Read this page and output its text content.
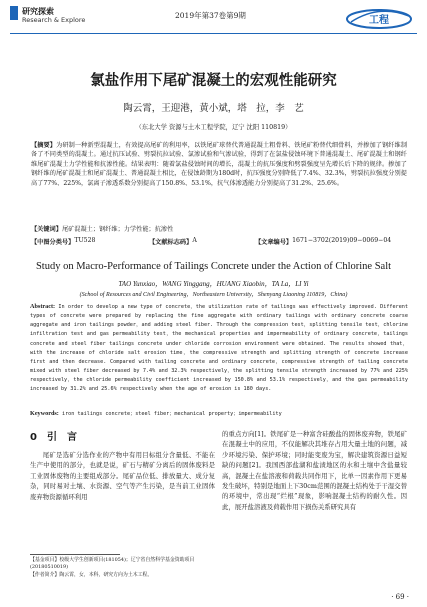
研究探索
Research & Explore	2019年第37卷第9期	工程
氯盐作用下尾矿混凝土的宏观性能研究
陶云霄，王迎港，黄小斌，塔　拉，李　艺
（东北大学 资源与土木工程学院，辽宁 沈阳 110819）
【摘要】为研制一种新型混凝土，有效提高尾矿的利用率，以铁尾矿球替代普通混凝土粗骨料、铁尾矿粉替代细骨料，并掺加了钢纤维制备了不同类型的混凝土。通过抗压试验、劈裂抗拉试验、氯渗试验和气渗试验，得到了在氯盐侵蚀环境下普通混凝土、尾矿混凝土和钢纤维尾矿混凝土力学性能和抗渗性能。结果表明：随着氯盐侵蚀时间的增长，混凝土的抗压强度和劈裂强度呈先增长后下降的规律。掺加了钢纤维的尾矿混凝土和尾矿混凝土、普通混凝土相比，在侵蚀龄期为180d时，抗压强度分别降低了7.4%、32.3%，劈裂抗拉强度分别提高了77%、225%，氯离子渗透系数分别提高了150.8%、53.1%，抗气体渗透能力分别提高了31.2%、25.6%。
【关键词】尾矿混凝土；钢纤维；力学性能；抗渗性
【中图分类号】 TU528	【文献标志码】 A	【文章编号】 1671−3702(2019)09−0069−04
Study on Macro-Performance of Tailings Concrete under the Action of Chlorine Salt
TAO Yunxiao，WANG Yinggang，HUANG Xiaobin，TA La，LI Yi
(School of Resources and Civil Engineering，Northeastern University，Shenyang Liaoning 110819，China)
Abstract: In order to develop a new type of concrete，the utilization rate of tailings was effectively improved. Different types of concrete were prepared by replacing the fine aggregate with ordinary tailings with ordinary concrete coarse aggregate and iron tailings powder，and adding steel fiber. Through the compression test，splitting tensile test，chlorine infiltration test and gas permeability test，the mechanical properties and impermeability of ordinary concrete，tailings concrete and steel fiber tailings concrete under chloride corrosion environment were obtained. The results showed that，with the increase of chloride salt erosion time，the compressive strength and splitting strength of concrete increase first and then decrease. Compared with tailing concrete and ordinary concrete，compressive strength of tailing concrete mixed with steel fiber decreased by 7.4% and 32.3% respectively，the splitting tensile strength increased by 77% and 225% respectively，the chloride permeability coefficient increased by 150.8% and 53.1% respectively，and the gas permeability increased by 31.2% and 25.6% respectively when the age of erosion is 180 days.
Keywords: iron tailings concrete；steel fiber；mechanical property；impermeability
0　引　言
尾矿是选矿分选作业的产物中有用目标组分含量低、不能在生产中使用的部分，也就是说，矿石与精矿分离后的固体废料是工业固体废物的主要组成部分。尾矿品位低、排放量大、成分复杂，同时易对土壤、水资源、空气等产生污染，是当前工业固体废弃物资源循环利用
的重点方向[1]。铁尾矿是一种富含硅酸盐的固体废弃物，铁尾矿在混凝土中的应用，不仅能解决其堆存占用大量土地的问题，减少环境污染、保护环境；同时能变废为宝，解决建筑资源日益短缺的问题[2]。我国西部盐湖和盐渍地区的水和土壤中含盐量较高，混凝土在盐溶液和荷载共同作用下，比单一因素作用下更易发生破坏，特别是地面上下30cm范围的混凝土结构处于干湿交替的环境中，常出现“烂根”现象，影响混凝土结构的耐久性。因此，展开盐溶液及荷载作用下损伤关系研究具有
【基金项目】校级大学生创新项目(181054)；辽宁省自然科学基金资助项目(20180510019)
【作者简介】陶云霄，女，本科，研究方向为土木工程。
· 69 ·
